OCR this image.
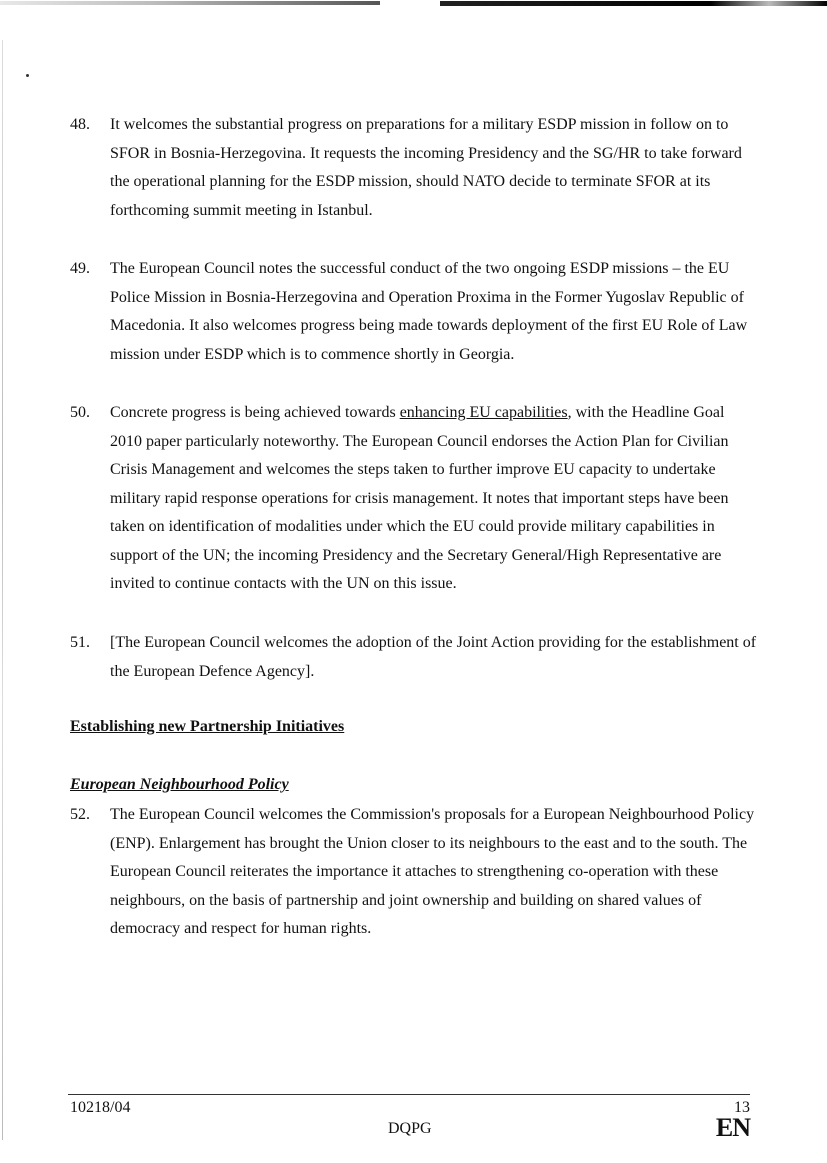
48.	It welcomes the substantial progress on preparations for a military ESDP mission in follow on to SFOR in Bosnia-Herzegovina. It requests the incoming Presidency and the SG/HR to take forward the operational planning for the ESDP mission, should NATO decide to terminate SFOR at its forthcoming summit meeting in Istanbul.
49.	The European Council notes the successful conduct of the two ongoing ESDP missions – the EU Police Mission in Bosnia-Herzegovina and Operation Proxima in the Former Yugoslav Republic of Macedonia. It also welcomes progress being made towards deployment of the first EU Role of Law mission under ESDP which is to commence shortly in Georgia.
50.	Concrete progress is being achieved towards enhancing EU capabilities, with the Headline Goal 2010 paper particularly noteworthy. The European Council endorses the Action Plan for Civilian Crisis Management and welcomes the steps taken to further improve EU capacity to undertake military rapid response operations for crisis management. It notes that important steps have been taken on identification of modalities under which the EU could provide military capabilities in support of the UN; the incoming Presidency and the Secretary General/High Representative are invited to continue contacts with the UN on this issue.
51.	[The European Council welcomes the adoption of the Joint Action providing for the establishment of the European Defence Agency].
Establishing new Partnership Initiatives
European Neighbourhood Policy
52.	The European Council welcomes the Commission's proposals for a European Neighbourhood Policy (ENP). Enlargement has brought the Union closer to its neighbours to the east and to the south. The European Council reiterates the importance it attaches to strengthening co-operation with these neighbours, on the basis of partnership and joint ownership and building on shared values of democracy and respect for human rights.
10218/04
DQPG
13
EN
